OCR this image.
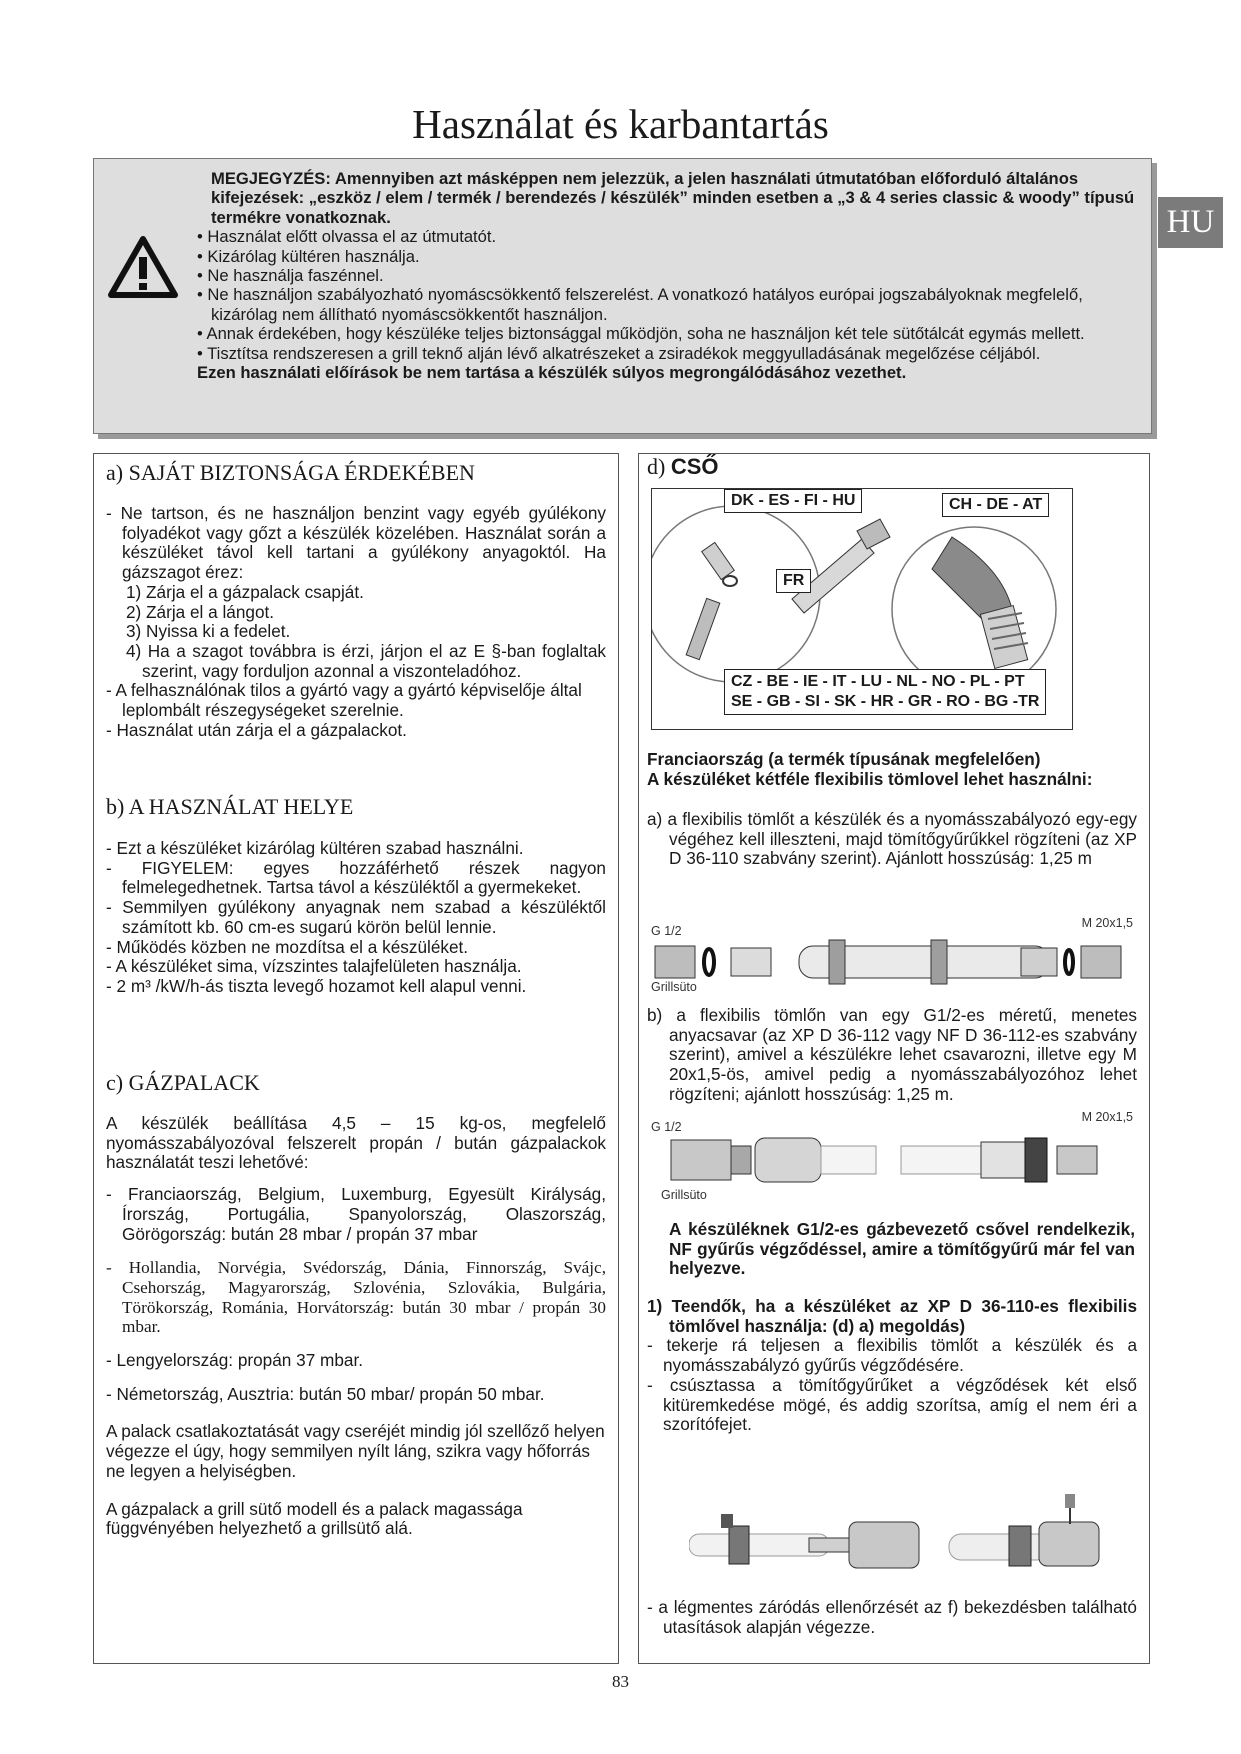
Használat és karbantartás

MEGJEGYZÉS: Amennyiben azt másképpen nem jelezzük, a jelen használati útmutatóban előforduló általános kifejezések: „eszköz / elem / termék / berendezés / készülék” minden esetben a „3 & 4 series classic & woody” típusú termékre vonatkoznak.

• Használat előtt olvassa el az útmutatót.

• Kizárólag kültéren használja.

• Ne használja faszénnel.

• Ne használjon szabályozható nyomáscsökkentő felszerelést. A vonatkozó hatályos európai jogszabályoknak megfelelő, kizárólag nem állítható nyomáscsökkentőt használjon.

• Annak érdekében, hogy készüléke teljes biztonsággal működjön, soha ne használjon két tele sütőtálcát egymás mellett.

• Tisztítsa rendszeresen a grill teknő alján lévő alkatrészeket a zsiradékok meggyulladásának megelőzése céljából.

Ezen használati előírások be nem tartása a készülék súlyos megrongálódásához vezethet.

HU
a) SAJÁT BIZTONSÁGA ÉRDEKÉBEN

- Ne tartson, és ne használjon benzint vagy egyéb gyúlékony folyadékot vagy gőzt a készülék közelében. Használat során a készüléket távol kell tartani a gyúlékony anyagoktól. Ha gázszagot érez:

1) Zárja el a gázpalack csapját.

2) Zárja el a lángot.

3) Nyissa ki a fedelet.

4) Ha a szagot továbbra is érzi, járjon el az E §-ban foglaltak szerint, vagy forduljon azonnal a viszonteladóhoz.

- A felhasználónak tilos a gyártó vagy a gyártó képviselője által leplombált részegységeket szerelnie.

- Használat után zárja el a gázpalackot.

b) A HASZNÁLAT HELYE

- Ezt a készüléket kizárólag kültéren szabad használni.

- FIGYELEM: egyes hozzáférhető részek nagyon felmelegedhetnek. Tartsa távol a készüléktől a gyermekeket.

- Semmilyen gyúlékony anyagnak nem szabad a készüléktől számított kb. 60 cm-es sugarú körön belül lennie.

- Működés közben ne mozdítsa el a készüléket.

- A készüléket sima, vízszintes talajfelületen használja.

- 2 m³ /kW/h-ás tiszta levegő hozamot kell alapul venni.

c) GÁZPALACK

A készülék beállítása 4,5 – 15 kg-os, megfelelő nyomásszabályozóval felszerelt propán / bután gázpalackok használatát teszi lehetővé:

- Franciaország, Belgium, Luxemburg, Egyesült Királyság, Írország, Portugália, Spanyolország, Olaszország, Görögország: bután 28 mbar / propán 37 mbar

- Hollandia, Norvégia, Svédország, Dánia, Finnország, Svájc, Csehország, Magyarország, Szlovénia, Szlovákia, Bulgária, Törökország, Románia, Horvátország: bután 30 mbar / propán 30 mbar.

- Lengyelország: propán 37 mbar.

- Németország, Ausztria: bután 50 mbar/ propán 50 mbar.

A palack csatlakoztatását vagy cseréjét mindig jól szellőző helyen végezze el úgy, hogy semmilyen nyílt láng, szikra vagy hőforrás ne legyen a helyiségben.

A gázpalack a grill sütő modell és a palack magassága függvényében helyezhető a grillsütő alá.

d) CSŐ
DK - ES - FI - HU	CH - DE - AT
FR
CZ - BE - IE - IT - LU - NL - NO - PL - PT
SE - GB - SI - SK - HR - GR - RO - BG -TR
Franciaország (a termék típusának megfelelően)
A készüléket kétféle flexibilis tömlovel lehet használni:

a) a flexibilis tömlőt a készülék és a nyomásszabályozó egy-egy végéhez kell illeszteni, majd tömítőgyűrűkkel rögzíteni (az XP D 36-110 szabvány szerint). Ajánlott hosszúság: 1,25 m

G 1/2
M 20x1,5
Grillsüto

b) a flexibilis tömlőn van egy G1/2-es méretű, menetes anyacsavar (az XP D 36-112 vagy NF D 36-112-es szabvány szerint), amivel a készülékre lehet csavarozni, illetve egy M 20x1,5-ös, amivel pedig a nyomásszabályozóhoz lehet rögzíteni; ajánlott hosszúság: 1,25 m.

G 1/2
M 20x1,5
Grillsüto

A készüléknek G1/2-es gázbevezető csővel rendelkezik, NF gyűrűs végződéssel, amire a tömítőgyűrű már fel van helyezve.

1) Teendők, ha a készüléket az XP D 36-110-es flexibilis tömlővel használja: (d) a) megoldás)

- tekerje rá teljesen a flexibilis tömlőt a készülék és a nyomásszabályzó gyűrűs végződésére.

- csúsztassa a tömítőgyűrűket a végződések két első kitüremkedése mögé, és addig szorítsa, amíg el nem éri a szorítófejet.

- a légmentes záródás ellenőrzését az f) bekezdésben található utasítások alapján végezze.

83
